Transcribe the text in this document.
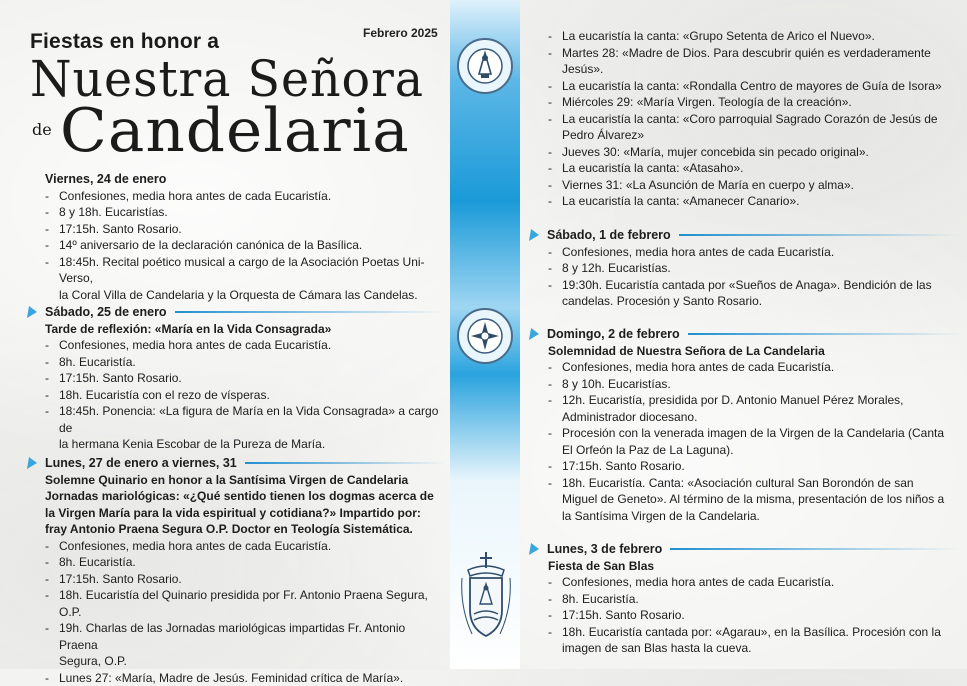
Fiestas en honor a	Febrero 2025
Nuestra Señora
de Candelaria
Viernes, 24 de enero
- Confesiones, media hora antes de cada Eucaristía.
- 8 y 18h. Eucaristías.
- 17:15h. Santo Rosario.
- 14º aniversario de la declaración canónica de la Basílica.
- 18:45h. Recital poético musical a cargo de la Asociación Poetas Uni-Verso,
la Coral Villa de Candelaria y la Orquesta de Cámara las Candelas.
Sábado, 25 de enero
Tarde de reflexión: «María en la Vida Consagrada»
- Confesiones, media hora antes de cada Eucaristía.
- 8h. Eucaristía.
- 17:15h. Santo Rosario.
- 18h. Eucaristía con el rezo de vísperas.
- 18:45h. Ponencia: «La figura de María en la Vida Consagrada» a cargo de
la hermana Kenia Escobar de la Pureza de María.
Lunes, 27 de enero a viernes, 31
Solemne Quinario en honor a la Santísima Virgen de Candelaria
Jornadas mariológicas: «¿Qué sentido tienen los dogmas acerca de
la Virgen María para la vida espiritual y cotidiana?» Impartido por:
fray Antonio Praena Segura O.P. Doctor en Teología Sistemática.
- Confesiones, media hora antes de cada Eucaristía.
- 8h. Eucaristía.
- 17:15h. Santo Rosario.
- 18h. Eucaristía del Quinario presidida por Fr. Antonio Praena Segura, O.P.
- 19h. Charlas de las Jornadas mariológicas impartidas Fr. Antonio Praena
Segura, O.P.
- Lunes 27: «María, Madre de Jesús. Feminidad crítica de María».
- La eucaristía la canta: «Grupo Setenta de Arico el Nuevo».
- Martes 28: «Madre de Dios. Para descubrir quién es verdaderamente
Jesús».
- La eucaristía la canta: «Rondalla Centro de mayores de Guía de Isora»
- Miércoles 29: «María Virgen. Teología de la creación».
- La eucaristía la canta: «Coro parroquial Sagrado Corazón de Jesús de
Pedro Álvarez»
- Jueves 30: «María, mujer concebida sin pecado original».
- La eucaristía la canta: «Atasaho».
- Viernes 31: «La Asunción de María en cuerpo y alma».
- La eucaristía la canta: «Amanecer Canario».
Sábado, 1 de febrero
- Confesiones, media hora antes de cada Eucaristía.
- 8 y 12h. Eucaristías.
- 19:30h. Eucaristía cantada por «Sueños de Anaga». Bendición de las
candelas. Procesión y Santo Rosario.
Domingo, 2 de febrero
Solemnidad de Nuestra Señora de La Candelaria
- Confesiones, media hora antes de cada Eucaristía.
- 8 y 10h. Eucaristías.
- 12h. Eucaristía, presidida por D. Antonio Manuel Pérez Morales,
Administrador diocesano.
- Procesión con la venerada imagen de la Virgen de la Candelaria (Canta
El Orfeón la Paz de La Laguna).
- 17:15h. Santo Rosario.
- 18h. Eucaristía. Canta: «Asociación cultural San Borondón de san
Miguel de Geneto». Al término de la misma, presentación de los niños a
la Santísima Virgen de la Candelaria.
Lunes, 3 de febrero
Fiesta de San Blas
- Confesiones, media hora antes de cada Eucaristía.
- 8h. Eucaristía.
- 17:15h. Santo Rosario.
- 18h. Eucaristía cantada por: «Agarau», en la Basílica. Procesión con la
imagen de san Blas hasta la cueva.
